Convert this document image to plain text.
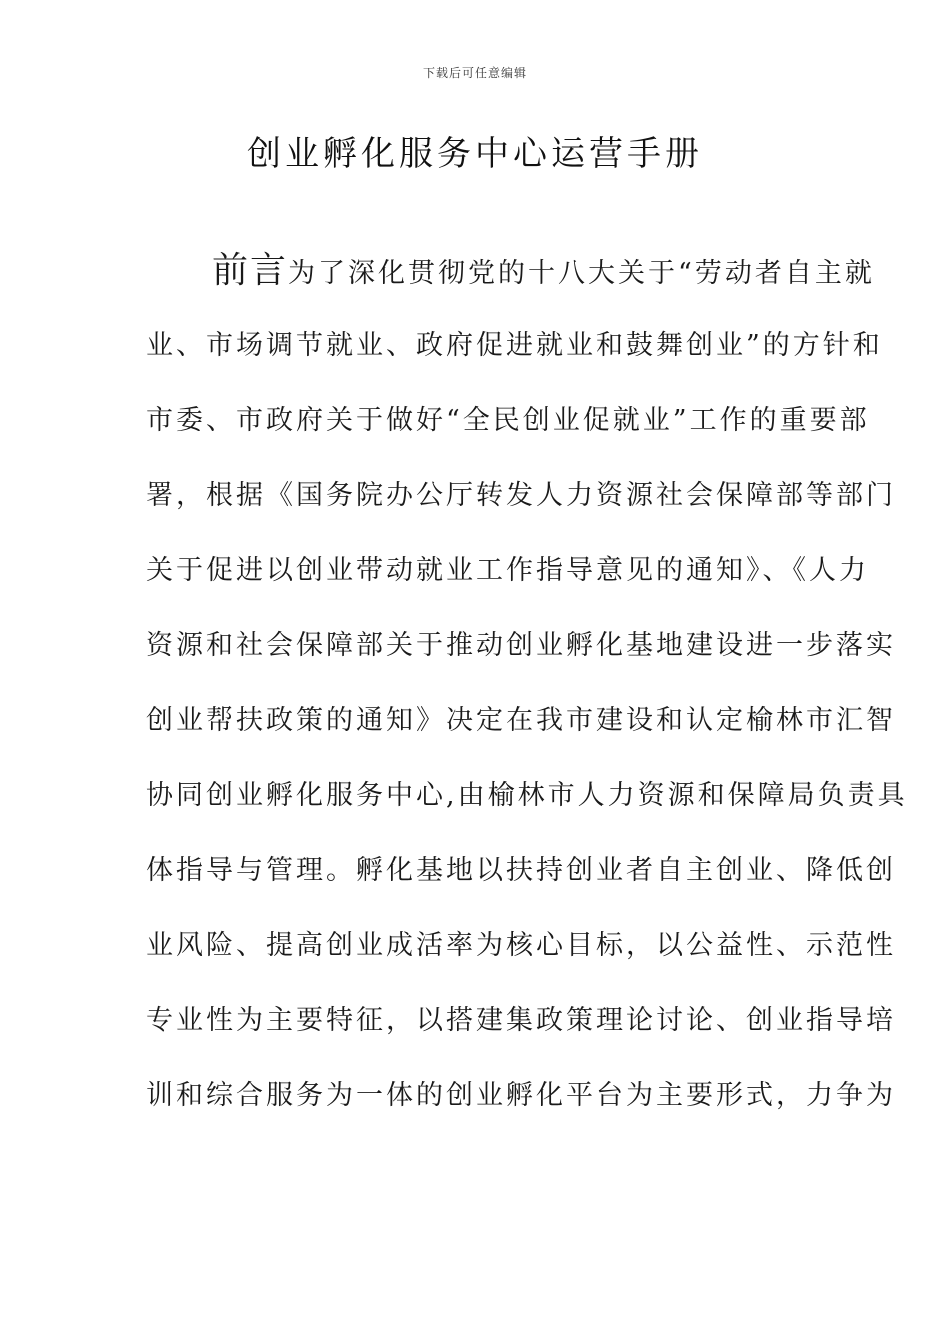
下载后可任意编辑
创业孵化服务中心运营手册
前言为了深化贯彻党的十八大关于“劳动者自主就
业、市场调节就业、政府促进就业和鼓舞创业”的方针和
市委、市政府关于做好“全民创业促就业”工作的重要部
署，根据《国务院办公厅转发人力资源社会保障部等部门
关于促进以创业带动就业工作指导意见的通知》、《人力
资源和社会保障部关于推动创业孵化基地建设进一步落实
创业帮扶政策的通知》决定在我市建设和认定榆林市汇智
协同创业孵化服务中心,由榆林市人力资源和保障局负责具
体指导与管理。孵化基地以扶持创业者自主创业、降低创
业风险、提高创业成活率为核心目标，以公益性、示范性
专业性为主要特征，以搭建集政策理论讨论、创业指导培
训和综合服务为一体的创业孵化平台为主要形式，力争为
